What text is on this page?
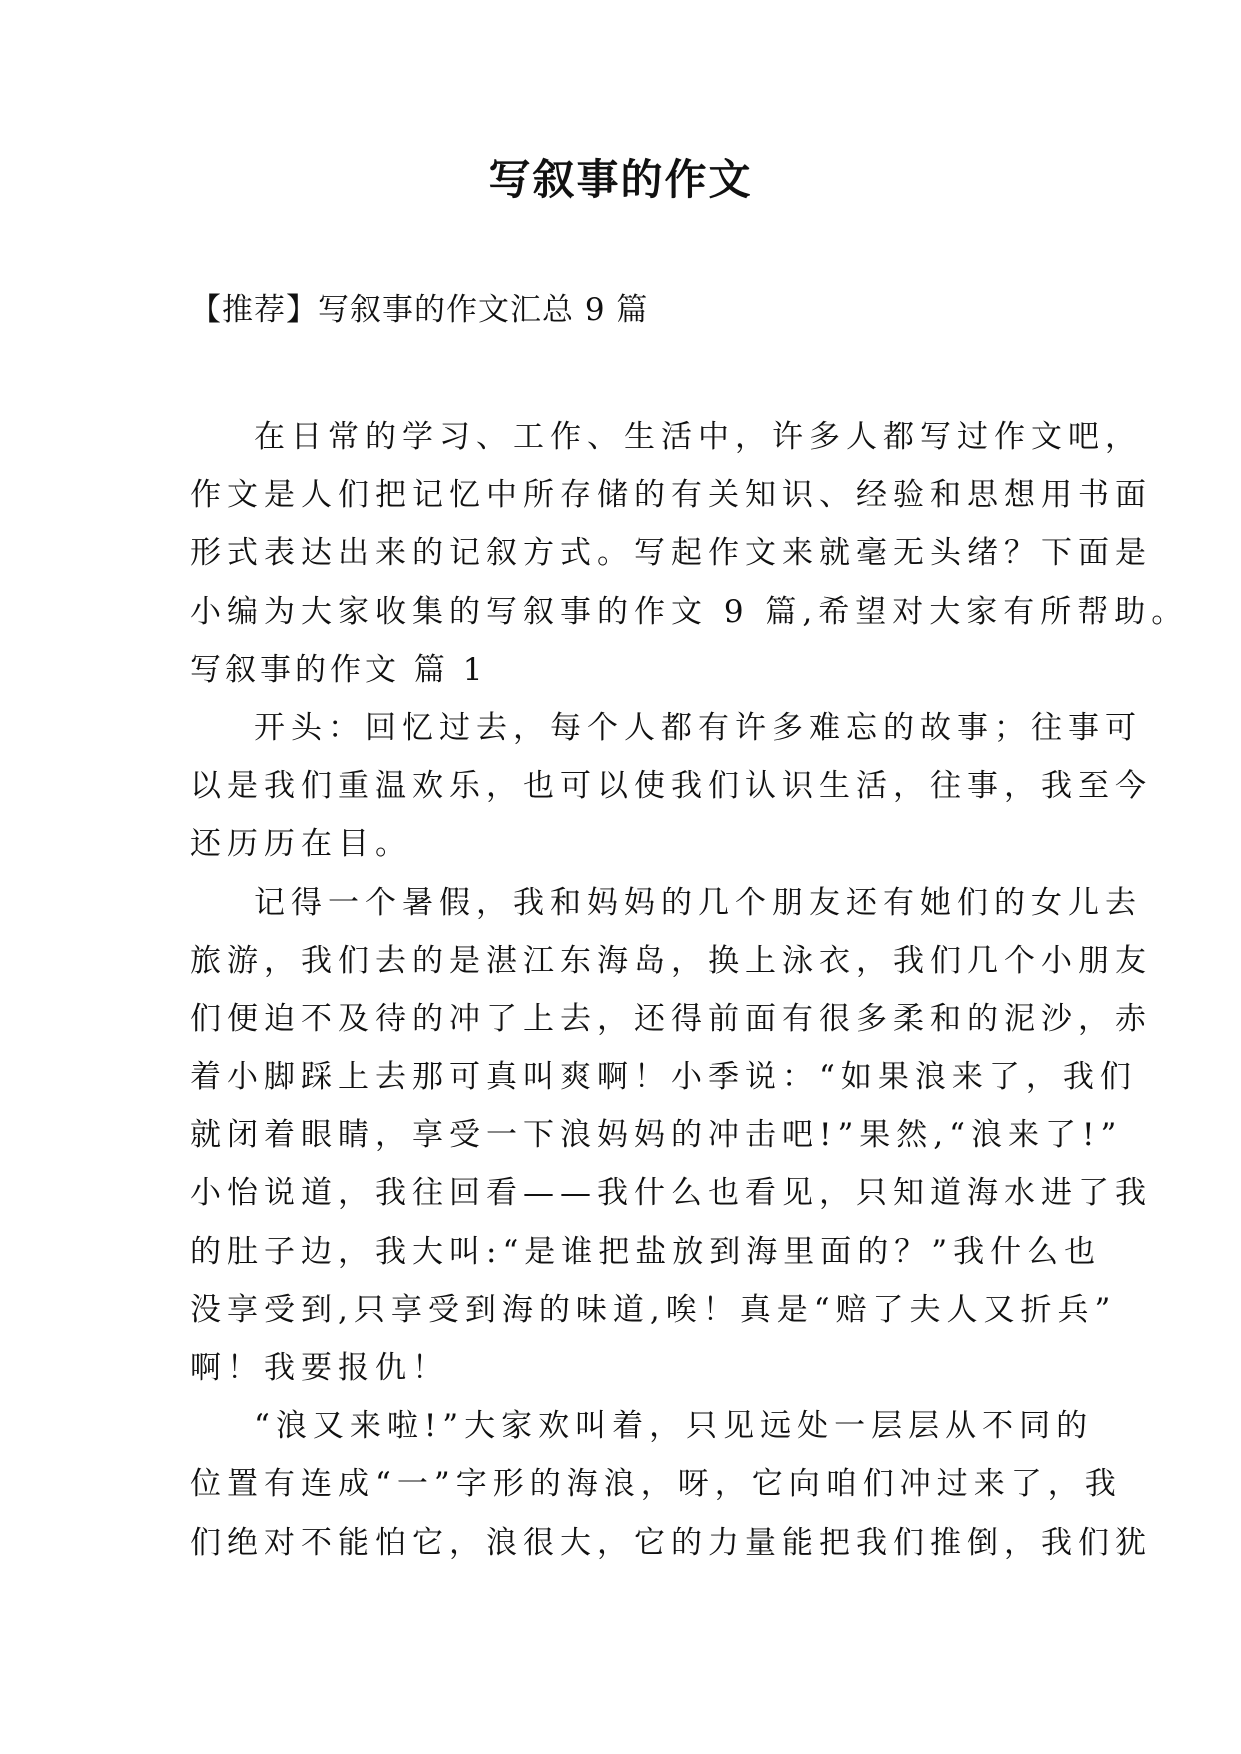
写叙事的作文

【推荐】写叙事的作文汇总 9 篇

在日常的学习、工作、生活中，许多人都写过作文吧，

作文是人们把记忆中所存储的有关知识、经验和思想用书面

形式表达出来的记叙方式。写起作文来就毫无头绪？下面是

小编为大家收集的写叙事的作文 9 篇,希望对大家有所帮助。

写叙事的作文 篇 1

开头：回忆过去，每个人都有许多难忘的故事；往事可

以是我们重温欢乐，也可以使我们认识生活，往事，我至今

还历历在目。

记得一个暑假，我和妈妈的几个朋友还有她们的女儿去

旅游，我们去的是湛江东海岛，换上泳衣，我们几个小朋友

们便迫不及待的冲了上去，还得前面有很多柔和的泥沙，赤

着小脚踩上去那可真叫爽啊！小季说：“如果浪来了，我们

就闭着眼睛，享受一下浪妈妈的冲击吧!”果然,“浪来了!”

小怡说道，我往回看——我什么也看见，只知道海水进了我

的肚子边，我大叫:“是谁把盐放到海里面的？”我什么也

没享受到,只享受到海的味道,唉！真是“赔了夫人又折兵”

啊！我要报仇！

“浪又来啦!”大家欢叫着，只见远处一层层从不同的

位置有连成“一”字形的海浪，呀，它向咱们冲过来了，我

们绝对不能怕它，浪很大，它的力量能把我们推倒，我们犹
